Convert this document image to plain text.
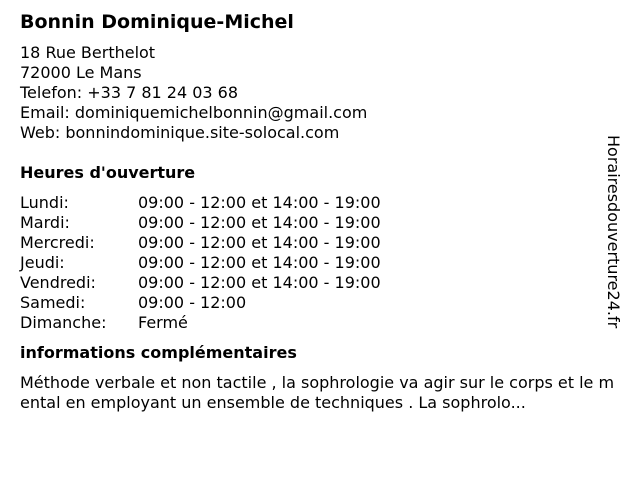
Bonnin Dominique-Michel
18 Rue Berthelot
72000 Le Mans
Telefon: +33 7 81 24 03 68
Email: dominiquemichelbonnin@gmail.com
Web: bonnindominique.site-solocal.com
Heures d'ouverture
Lundi:	09:00 - 12:00 et 14:00 - 19:00
Mardi:	09:00 - 12:00 et 14:00 - 19:00
Mercredi:	09:00 - 12:00 et 14:00 - 19:00
Jeudi:	09:00 - 12:00 et 14:00 - 19:00
Vendredi:	09:00 - 12:00 et 14:00 - 19:00
Samedi:	09:00 - 12:00
Dimanche:	Fermé
informations complémentaires
Méthode verbale et non tactile , la sophrologie va agir sur le corps et le mental en employant un ensemble de techniques . La sophrolo...
Horairesdouverture24.fr
